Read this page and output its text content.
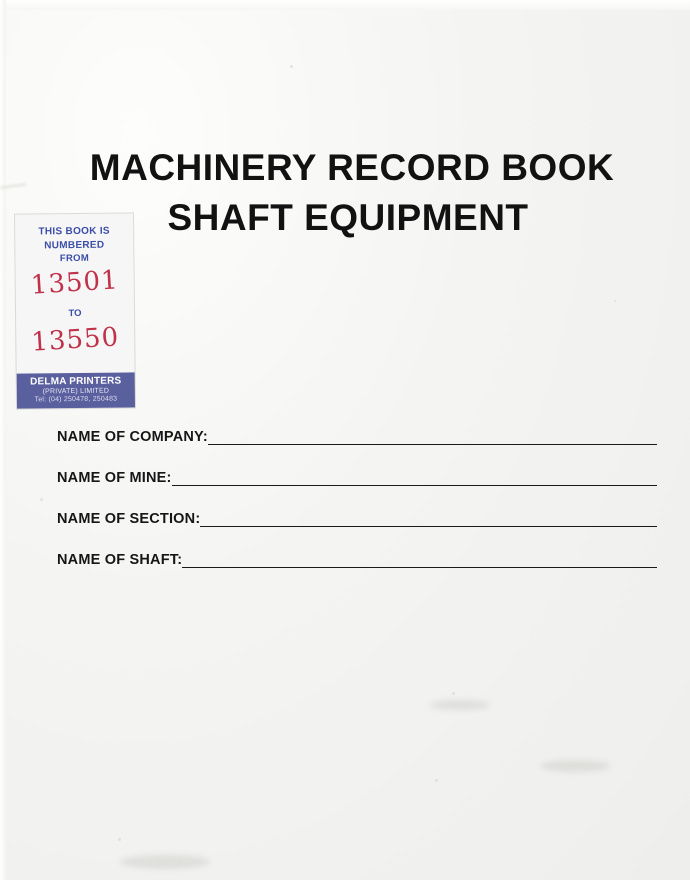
MACHINERY RECORD BOOK
SHAFT EQUIPMENT
THIS BOOK IS
NUMBERED
FROM
13501
TO
13550
DELMA PRINTERS
(PRIVATE) LIMITED
Tel: (04) 250478, 250483
NAME OF COMPANY:
NAME OF MINE:
NAME OF SECTION:
NAME OF SHAFT:
